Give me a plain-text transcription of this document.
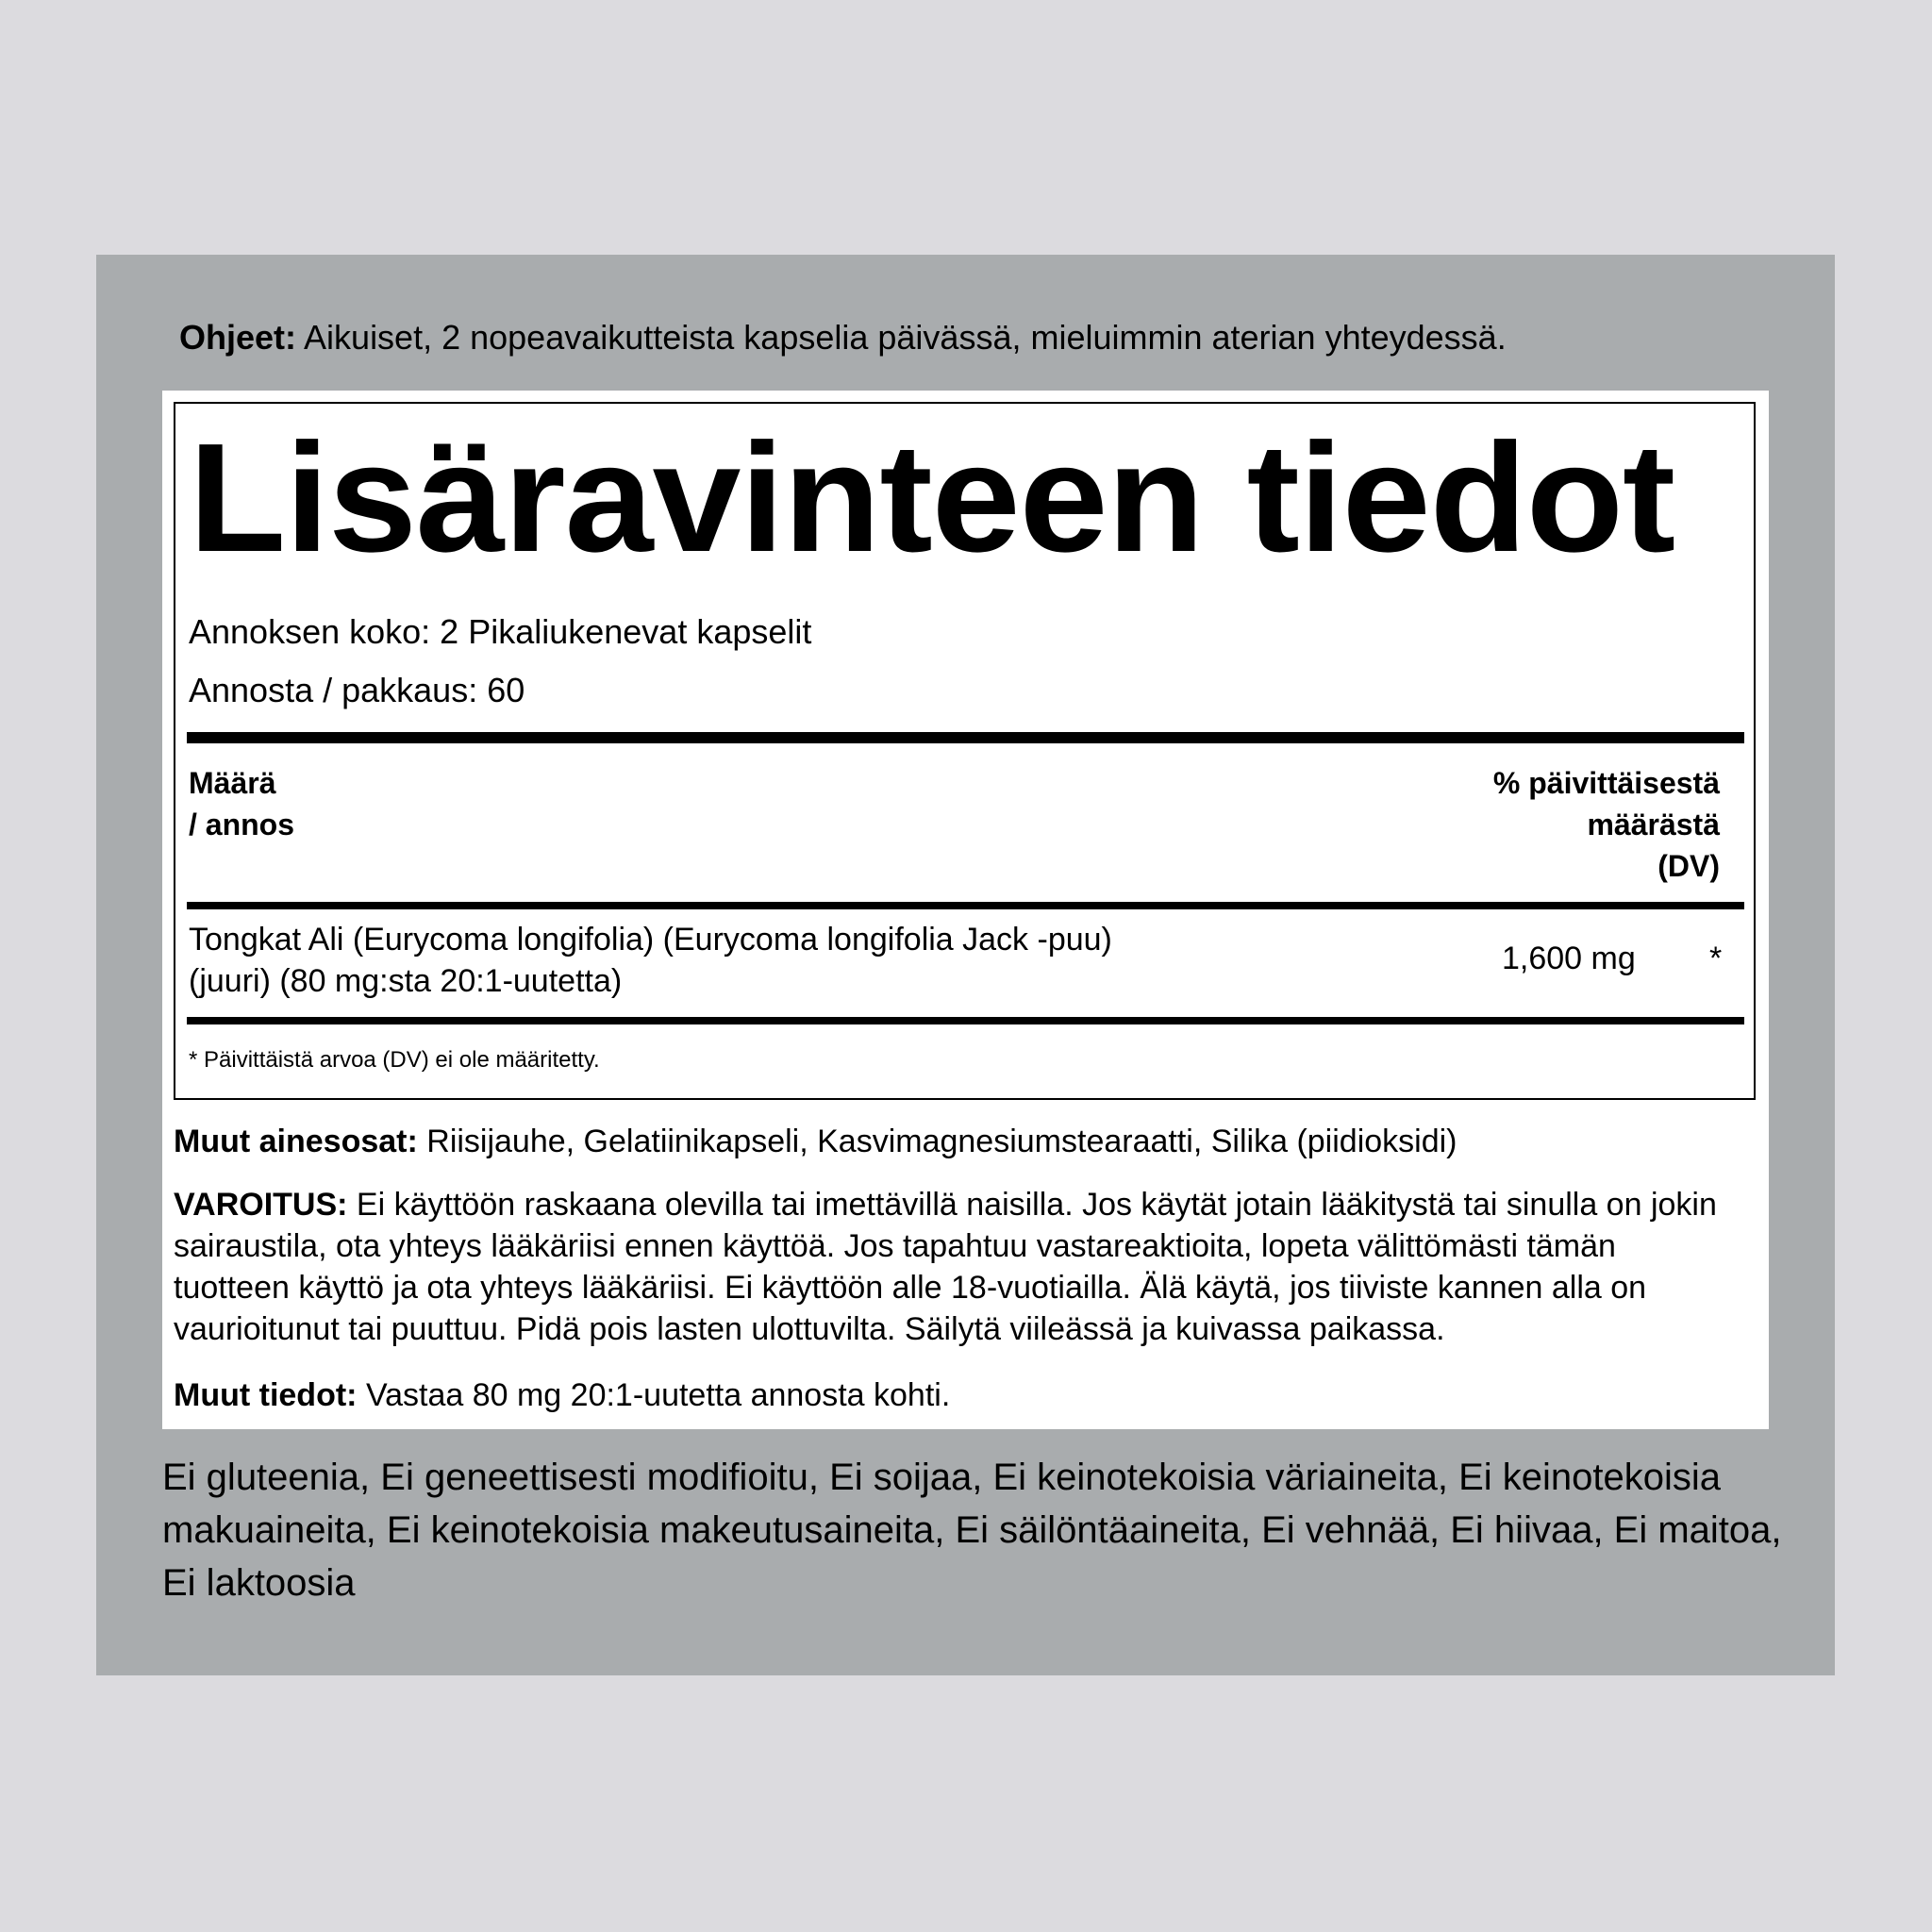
Ohjeet: Aikuiset, 2 nopeavaikutteista kapselia päivässä, mieluimmin aterian yhteydessä.
Lisäravinteen tiedot
Annoksen koko: 2 Pikaliukenevat kapselit
Annosta / pakkaus: 60
Määrä
/ annos
% päivittäisestä
määrästä
(DV)
Tongkat Ali (Eurycoma longifolia) (Eurycoma longifolia Jack -puu) (juuri) (80 mg:sta 20:1-uutetta)
1,600 mg *
* Päivittäistä arvoa (DV) ei ole määritetty.
Muut ainesosat: Riisijauhe, Gelatiinikapseli, Kasvimagnesiumstearaatti, Silika (piidioksidi)
VAROITUS: Ei käyttöön raskaana olevilla tai imettävillä naisilla. Jos käytät jotain lääkitystä tai sinulla on jokin sairaustila, ota yhteys lääkäriisi ennen käyttöä. Jos tapahtuu vastareaktioita, lopeta välittömästi tämän tuotteen käyttö ja ota yhteys lääkäriisi. Ei käyttöön alle 18-vuotiailla. Älä käytä, jos tiiviste kannen alla on vaurioitunut tai puuttuu. Pidä pois lasten ulottuvilta. Säilytä viileässä ja kuivassa paikassa.
Muut tiedot: Vastaa 80 mg 20:1-uutetta annosta kohti.
Ei gluteenia, Ei geneettisesti modifioitu, Ei soijaa, Ei keinotekoisia väriaineita, Ei keinotekoisia makuaineita, Ei keinotekoisia makeutusaineita, Ei säilöntäaineita, Ei vehnää, Ei hiivaa, Ei maitoa, Ei laktoosia
